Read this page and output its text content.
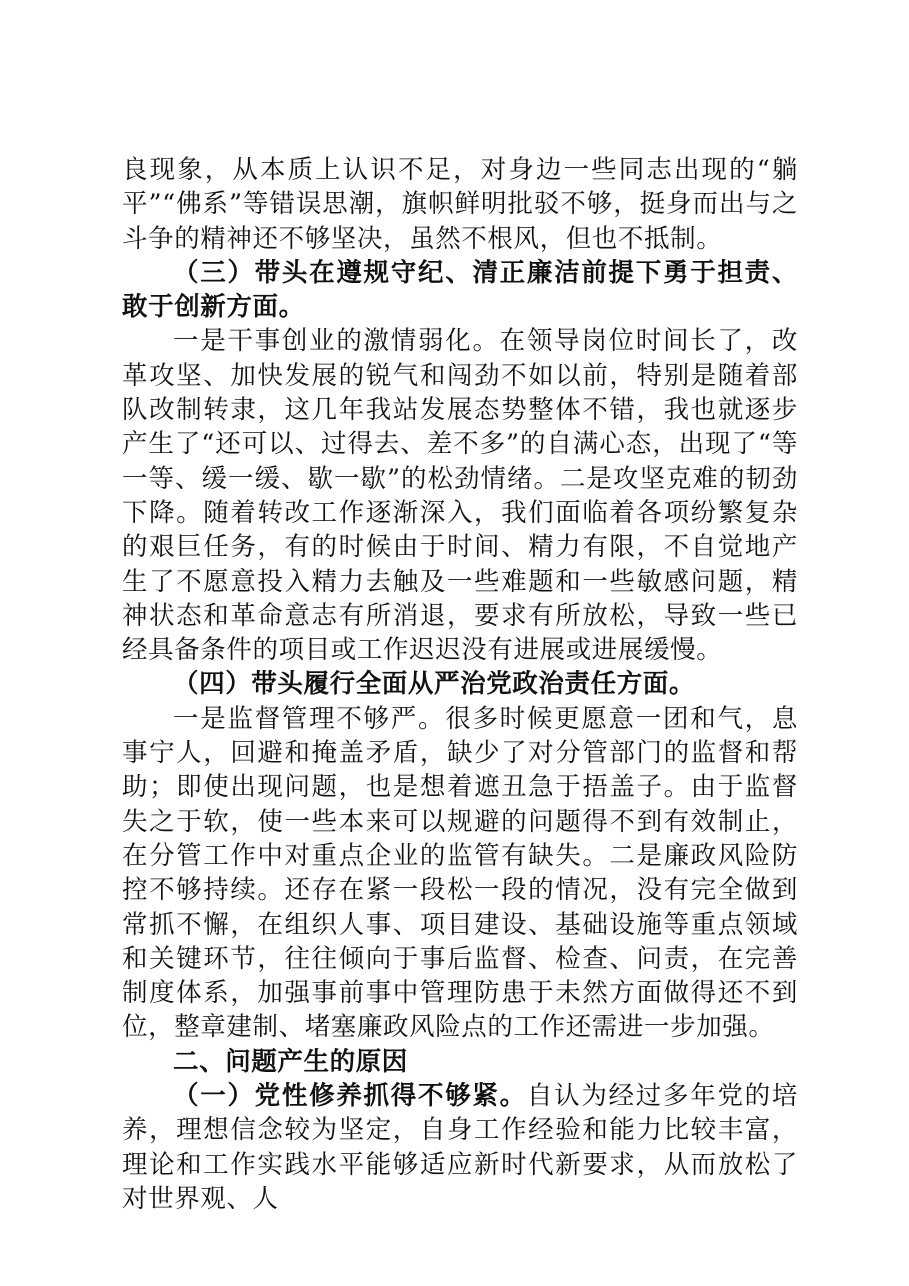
良现象，从本质上认识不足，对身边一些同志出现的“躺平”“佛系”等错误思潮，旗帜鲜明批驳不够，挺身而出与之斗争的精神还不够坚决，虽然不根风，但也不抵制。

（三）带头在遵规守纪、清正廉洁前提下勇于担责、敢于创新方面。

一是干事创业的激情弱化。在领导岗位时间长了，改革攻坚、加快发展的锐气和闯劲不如以前，特别是随着部队改制转隶，这几年我站发展态势整体不错，我也就逐步产生了“还可以、过得去、差不多”的自满心态，出现了“等一等、缓一缓、歇一歇”的松劲情绪。二是攻坚克难的韧劲下降。随着转改工作逐渐深入，我们面临着各项纷繁复杂的艰巨任务，有的时候由于时间、精力有限，不自觉地产生了不愿意投入精力去触及一些难题和一些敏感问题，精神状态和革命意志有所消退，要求有所放松，导致一些已经具备条件的项目或工作迟迟没有进展或进展缓慢。

（四）带头履行全面从严治党政治责任方面。

一是监督管理不够严。很多时候更愿意一团和气，息事宁人，回避和掩盖矛盾，缺少了对分管部门的监督和帮助；即使出现问题，也是想着遮丑急于捂盖子。由于监督失之于软，使一些本来可以规避的问题得不到有效制止，在分管工作中对重点企业的监管有缺失。二是廉政风险防控不够持续。还存在紧一段松一段的情况，没有完全做到常抓不懈，在组织人事、项目建设、基础设施等重点领域和关键环节，往往倾向于事后监督、检查、问责，在完善制度体系，加强事前事中管理防患于未然方面做得还不到位，整章建制、堵塞廉政风险点的工作还需进一步加强。

二、问题产生的原因

（一）党性修养抓得不够紧。自认为经过多年党的培养，理想信念较为坚定，自身工作经验和能力比较丰富，理论和工作实践水平能够适应新时代新要求，从而放松了对世界观、人
